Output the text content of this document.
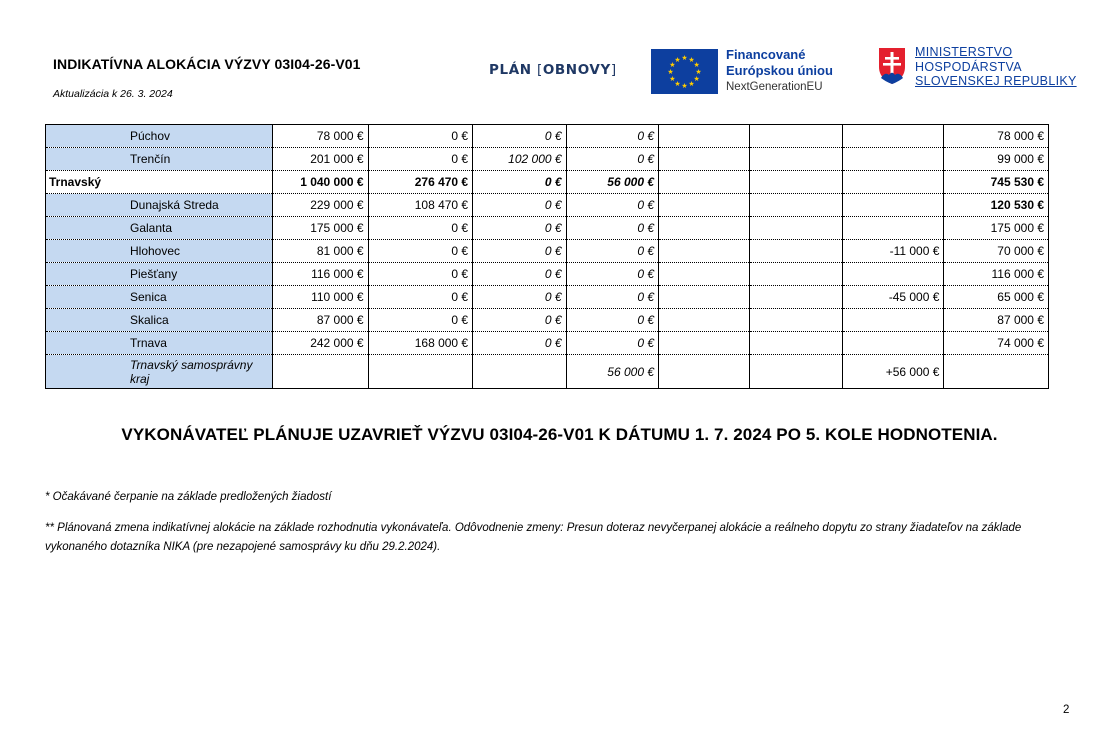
INDIKATÍVNA ALOKÁCIA VÝZVY 03I04-26-V01
Aktualizácia k 26. 3. 2024
PLÁN [OBNOVY]	★
★
★
★
★
★
★
★
★ ★ ★
★
Financované
Európskou úniou
NextGenerationEU
MINISTERSTVO
HOSPODÁRSTVA
SLOVENSKEJ REPUBLIKY
Púchov	78 000 €	0 €	0 €	0 €				78 000 €
Trenčín	201 000 €	0 €	102 000 €	0 €				99 000 €
Trnavský	1 040 000 €	276 470 €	0 €	56 000 €				745 530 €
Dunajská Streda	229 000 €	108 470 €	0 €	0 €				120 530 €
Galanta	175 000 €	0 €	0 €	0 €				175 000 €
Hlohovec	81 000 €	0 €	0 €	0 €			-11 000 €	70 000 €
Piešťany	116 000 €	0 €	0 €	0 €				116 000 €
Senica	110 000 €	0 €	0 €	0 €			-45 000 €	65 000 €
Skalica	87 000 €	0 €	0 €	0 €				87 000 €
Trnava	242 000 €	168 000 €	0 €	0 €				74 000 €
Trnavský samosprávny kraj				56 000 €			+56 000 €	
VYKONÁVATEĽ PLÁNUJE UZAVRIEŤ VÝZVU 03I04-26-V01 K DÁTUMU 1. 7. 2024 PO 5. KOLE HODNOTENIA.
* Očakávané čerpanie na základe predložených žiadostí
** Plánovaná zmena indikatívnej alokácie na základe rozhodnutia vykonávateľa. Odôvodnenie zmeny: Presun doteraz nevyčerpanej alokácie a reálneho dopytu zo strany žiadateľov na základe vykonaného dotazníka NIKA (pre nezapojené samosprávy ku dňu 29.2.2024).
2
